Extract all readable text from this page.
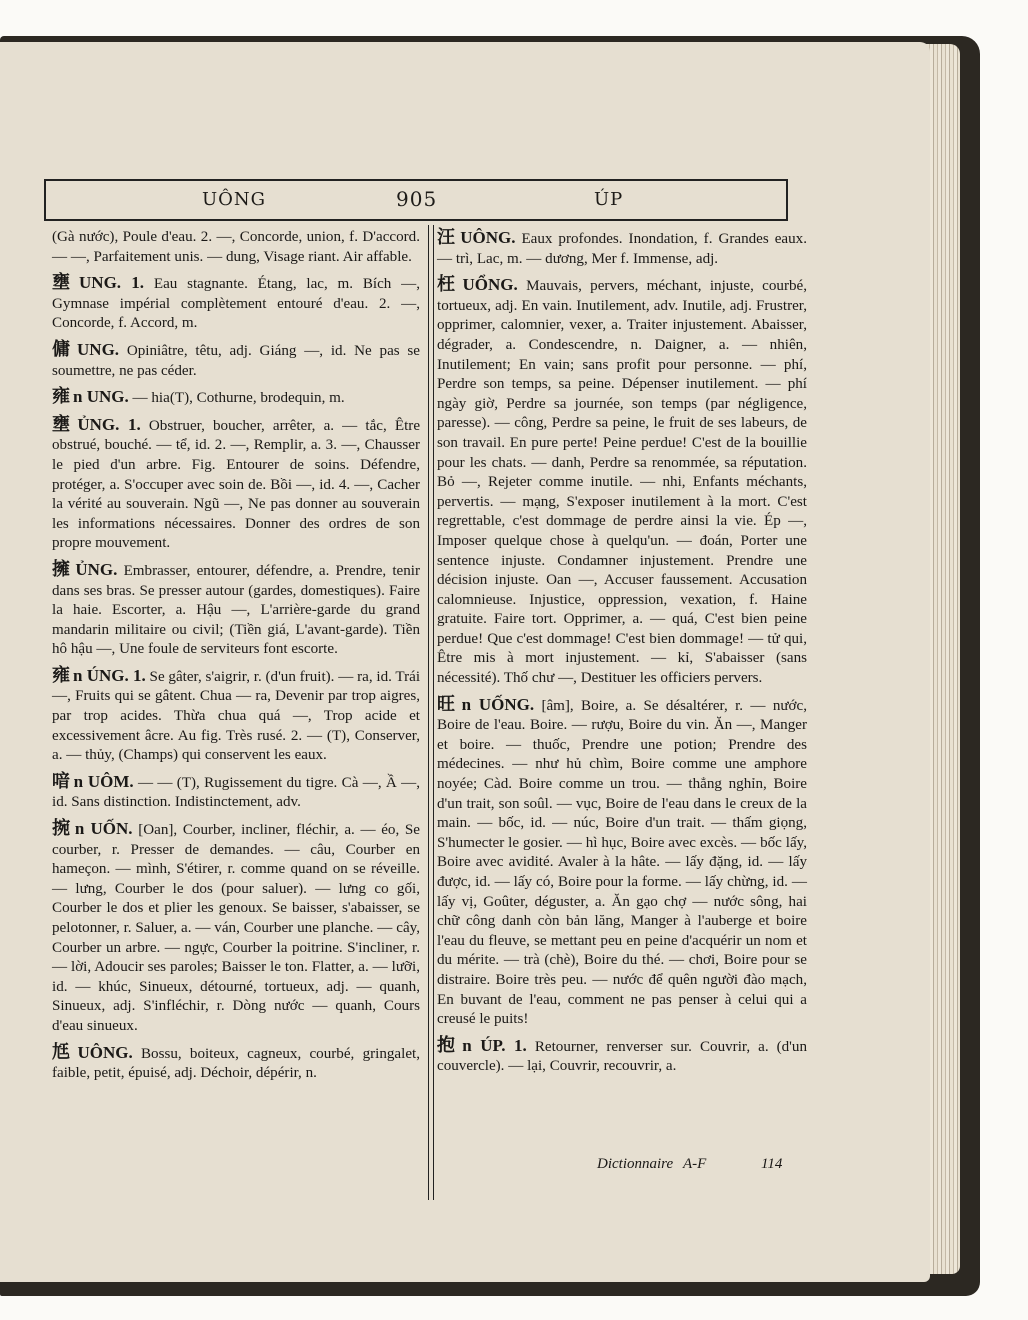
UÔNG	905	ÚP
(Gà nước), Poule d'eau. 2. —, Concorde, union, f. D'accord. — —, Parfaitement unis. — dung, Visage riant. Air affable.
壅 UNG. 1. Eau stagnante. Étang, lac, m. Bích —, Gymnase impérial complètement entouré d'eau. 2. —, Concorde, f. Accord, m.
傭 UNG. Opiniâtre, têtu, adj. Giáng —, id. Ne pas se soumettre, ne pas céder.
雍 n UNG. — hia(T), Cothurne, brodequin, m.
壅 ỦNG. 1. Obstruer, boucher, arrêter, a. — tắc, Être obstrué, bouché. — tể, id. 2. —, Remplir, a. 3. —, Chausser le pied d'un arbre. Fig. Entourer de soins. Défendre, protéger, a. S'occuper avec soin de. Bồi —, id. 4. —, Cacher la vérité au souverain. Ngũ —, Ne pas donner au souverain les informations nécessaires. Donner des ordres de son propre mouvement.
擁 ỦNG. Embrasser, entourer, défendre, a. Prendre, tenir dans ses bras. Se presser autour (gardes, domestiques). Faire la haie. Escorter, a. Hậu —, L'arrière-garde du grand mandarin militaire ou civil; (Tiền giá, L'avant-garde). Tiền hô hậu —, Une foule de serviteurs font escorte.
雍 n ÚNG. 1. Se gâter, s'aigrir, r. (d'un fruit). — ra, id. Trái —, Fruits qui se gâtent. Chua — ra, Devenir par trop aigres, par trop acides. Thừa chua quá —, Trop acide et excessivement âcre. Au fig. Très rusé. 2. — (T), Conserver, a. — thủy, (Champs) qui conservent les eaux.
喑 n UÔM. — — (T), Rugissement du tigre. Cà —, Ầ —, id. Sans distinction. Indistinctement, adv.
捥 n UỐN. [Oan], Courber, incliner, fléchir, a. — éo, Se courber, r. Presser de demandes. — câu, Courber en hameçon. — mình, S'étirer, r. comme quand on se réveille. — lưng, Courber le dos (pour saluer). — lưng co gối, Courber le dos et plier les genoux. Se baisser, s'abaisser, se pelotonner, r. Saluer, a. — ván, Courber une planche. — cây, Courber un arbre. — ngực, Courber la poitrine. S'incliner, r. — lời, Adoucir ses paroles; Baisser le ton. Flatter, a. — lưỡi, id. — khúc, Sinueux, détourné, tortueux, adj. — quanh, Sinueux, adj. S'infléchir, r. Dòng nước — quanh, Cours d'eau sinueux.
尪 UÔNG. Bossu, boiteux, cagneux, courbé, gringalet, faible, petit, épuisé, adj. Déchoir, dépérir, n.
汪 UÔNG. Eaux profondes. Inondation, f. Grandes eaux. — trì, Lac, m. — dương, Mer f. Immense, adj.
枉 UỔNG. Mauvais, pervers, méchant, injuste, courbé, tortueux, adj. En vain. Inutilement, adv. Inutile, adj. Frustrer, opprimer, calomnier, vexer, a. Traiter injustement. Abaisser, dégrader, a. Condescendre, n. Daigner, a. — nhiên, Inutilement; En vain; sans profit pour personne. — phí, Perdre son temps, sa peine. Dépenser inutilement. — phí ngày giờ, Perdre sa journée, son temps (par négligence, paresse). — công, Perdre sa peine, le fruit de ses labeurs, de son travail. En pure perte! Peine perdue! C'est de la bouillie pour les chats. — danh, Perdre sa renommée, sa réputation. Bỏ —, Rejeter comme inutile. — nhi, Enfants méchants, pervertis. — mạng, S'exposer inutilement à la mort. C'est regrettable, c'est dommage de perdre ainsi la vie. Ép —, Imposer quelque chose à quelqu'un. — đoán, Porter une sentence injuste. Condamner injustement. Prendre une décision injuste. Oan —, Accuser faussement. Accusation calomnieuse. Injustice, oppression, vexation, f. Haine gratuite. Faire tort. Opprimer, a. — quá, C'est bien peine perdue! Que c'est dommage! C'est bien dommage! — tử qui, Être mis à mort injustement. — kỉ, S'abaisser (sans nécessité). Thố chư —, Destituer les officiers pervers.
旺 n UỐNG. [âm], Boire, a. Se désaltérer, r. — nước, Boire de l'eau. Boire. — rượu, Boire du vin. Ăn —, Manger et boire. — thuốc, Prendre une potion; Prendre des médecines. — như hủ chìm, Boire comme une amphore noyée; Càd. Boire comme un trou. — thẳng nghỉn, Boire d'un trait, son soûl. — vục, Boire de l'eau dans le creux de la main. — bốc, id. — núc, Boire d'un trait. — thấm giọng, S'humecter le gosier. — hì hục, Boire avec excès. — bốc lấy, Boire avec avidité. Avaler à la hâte. — lấy đặng, id. — lấy được, id. — lấy có, Boire pour la forme. — lấy chừng, id. — lấy vị, Goûter, déguster, a. Ăn gạo chợ — nước sông, hai chữ công danh còn bản lăng, Manger à l'auberge et boire l'eau du fleuve, se mettant peu en peine d'acquérir un nom et du mérite. — trà (chè), Boire du thé. — chơi, Boire pour se distraire. Boire très peu. — nước để quên người đào mạch, En buvant de l'eau, comment ne pas penser à celui qui a creusé le puits!
抱 n ÚP. 1. Retourner, renverser sur. Couvrir, a. (d'un couvercle). — lại, Couvrir, recouvrir, a.
Dictionnaire A-F	114
